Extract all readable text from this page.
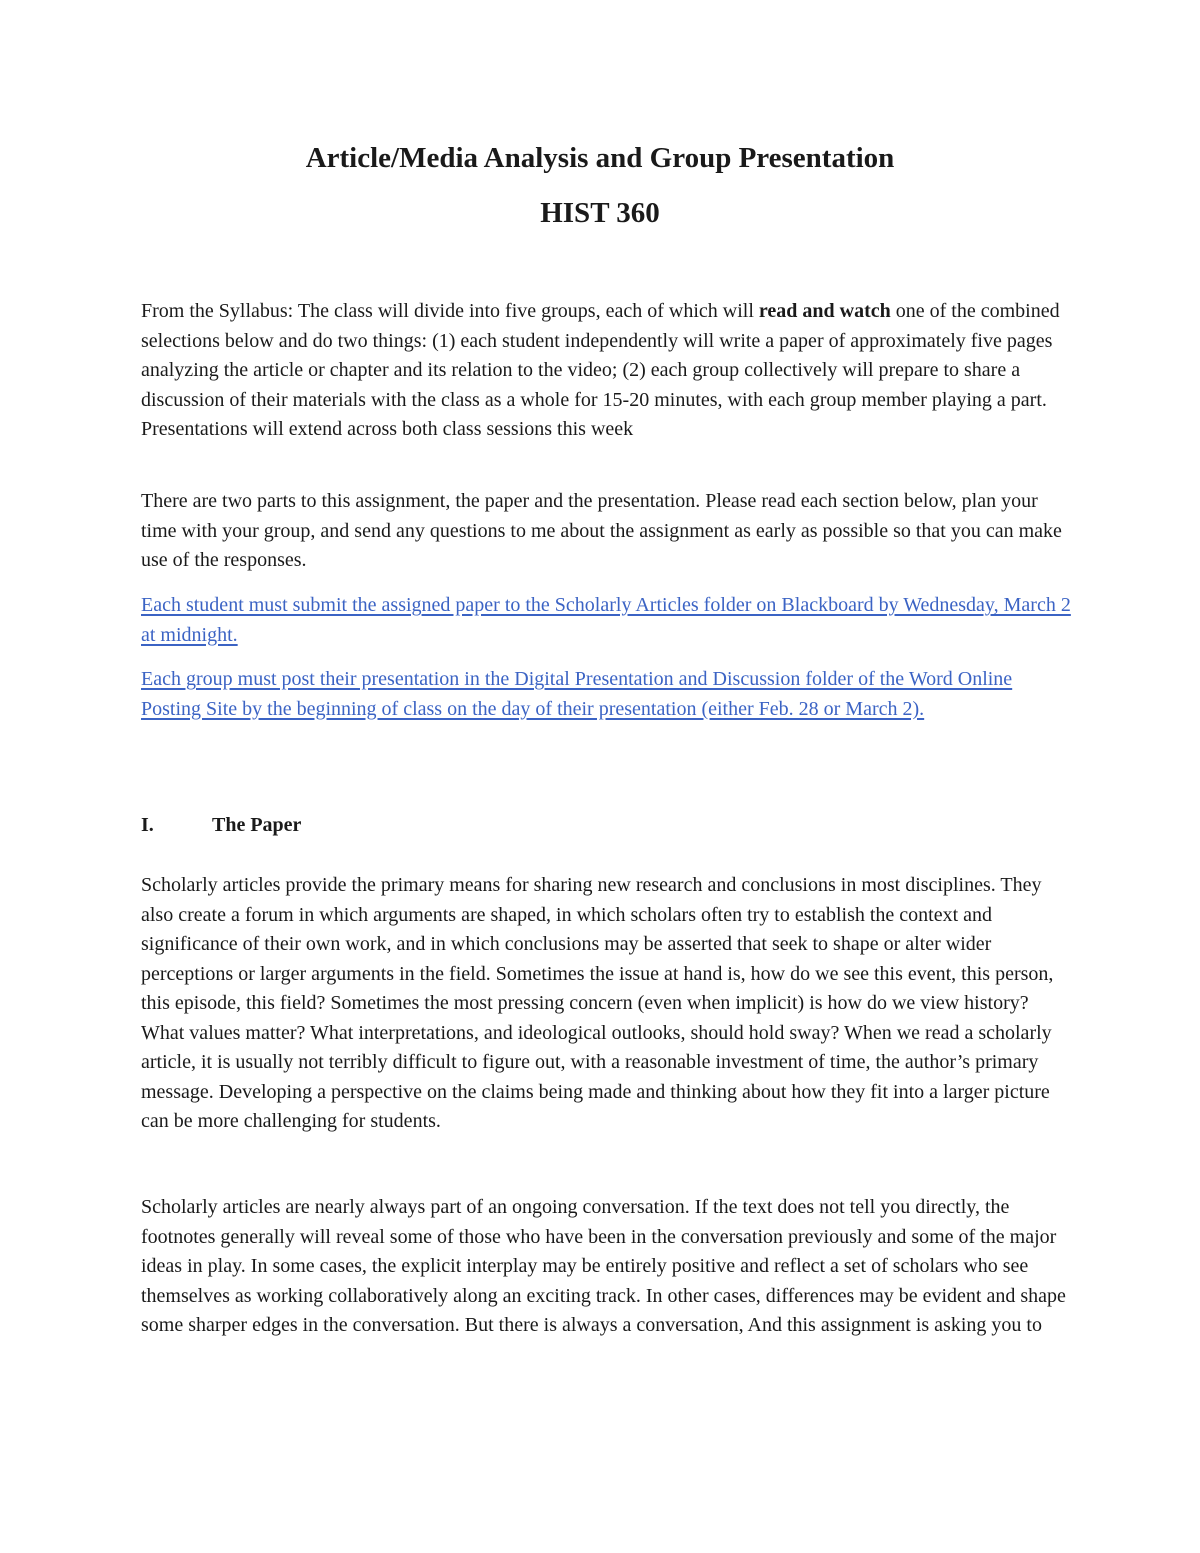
Article/Media Analysis and Group Presentation
HIST 360

From the Syllabus: The class will divide into five groups, each of which will read and watch one of the combined selections below and do two things: (1) each student independently will write a paper of approximately five pages analyzing the article or chapter and its relation to the video; (2) each group collectively will prepare to share a discussion of their materials with the class as a whole for 15-20 minutes, with each group member playing a part. Presentations will extend across both class sessions this week

There are two parts to this assignment, the paper and the presentation. Please read each section below, plan your time with your group, and send any questions to me about the assignment as early as possible so that you can make use of the responses.

Each student must submit the assigned paper to the Scholarly Articles folder on Blackboard by Wednesday, March 2 at midnight.
Each group must post their presentation in the Digital Presentation and Discussion folder of the Word Online Posting Site by the beginning of class on the day of their presentation (either Feb. 28 or March 2).
I.	The Paper

Scholarly articles provide the primary means for sharing new research and conclusions in most disciplines. They also create a forum in which arguments are shaped, in which scholars often try to establish the context and significance of their own work, and in which conclusions may be asserted that seek to shape or alter wider perceptions or larger arguments in the field. Sometimes the issue at hand is, how do we see this event, this person, this episode, this field? Sometimes the most pressing concern (even when implicit) is how do we view history? What values matter? What interpretations, and ideological outlooks, should hold sway? When we read a scholarly article, it is usually not terribly difficult to figure out, with a reasonable investment of time, the author’s primary message. Developing a perspective on the claims being made and thinking about how they fit into a larger picture can be more challenging for students.

Scholarly articles are nearly always part of an ongoing conversation. If the text does not tell you directly, the footnotes generally will reveal some of those who have been in the conversation previously and some of the major ideas in play. In some cases, the explicit interplay may be entirely positive and reflect a set of scholars who see themselves as working collaboratively along an exciting track. In other cases, differences may be evident and shape some sharper edges in the conversation. But there is always a conversation, And this assignment is asking you to
